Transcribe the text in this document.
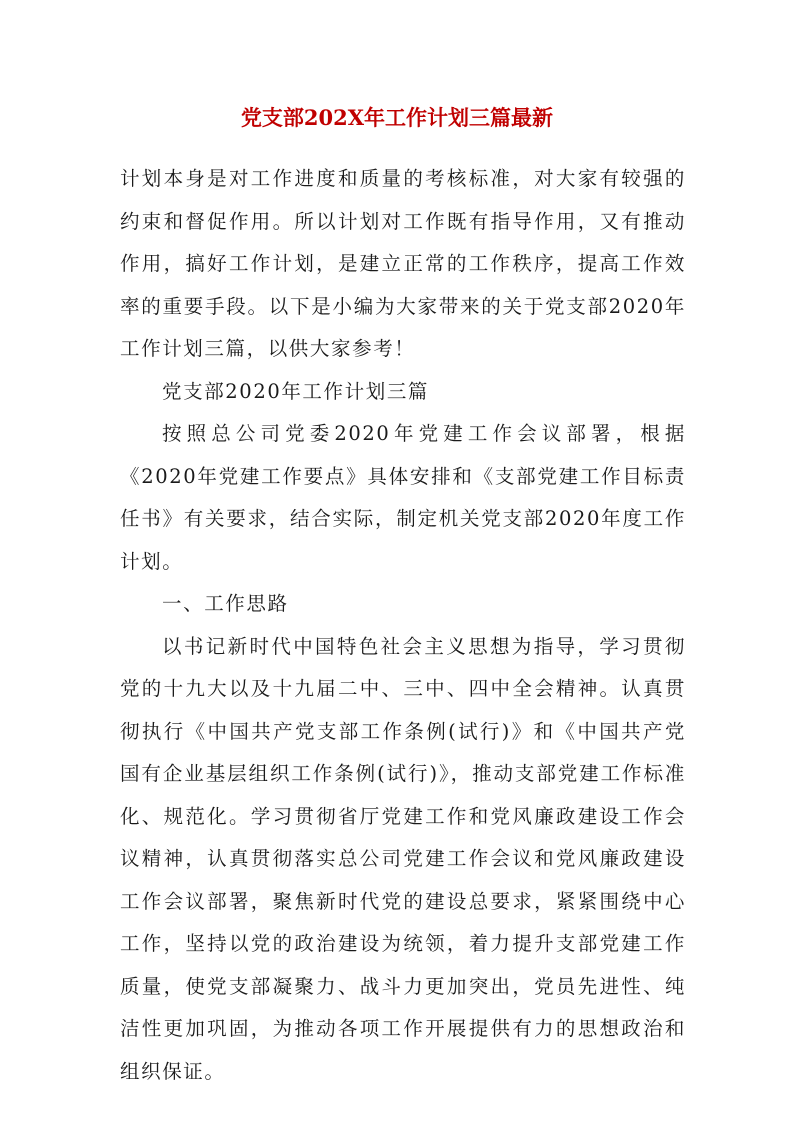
党支部202X年工作计划三篇最新

计划本身是对工作进度和质量的考核标准，对大家有较强的约束和督促作用。所以计划对工作既有指导作用，又有推动作用，搞好工作计划，是建立正常的工作秩序，提高工作效率的重要手段。以下是小编为大家带来的关于党支部2020年工作计划三篇，以供大家参考！

党支部2020年工作计划三篇

按照总公司党委2020年党建工作会议部署，根据《2020年党建工作要点》具体安排和《支部党建工作目标责任书》有关要求，结合实际，制定机关党支部2020年度工作计划。

一、工作思路

以书记新时代中国特色社会主义思想为指导，学习贯彻党的十九大以及十九届二中、三中、四中全会精神。认真贯彻执行《中国共产党支部工作条例(试行)》和《中国共产党国有企业基层组织工作条例(试行)》，推动支部党建工作标准化、规范化。学习贯彻省厅党建工作和党风廉政建设工作会议精神，认真贯彻落实总公司党建工作会议和党风廉政建设工作会议部署，聚焦新时代党的建设总要求，紧紧围绕中心工作，坚持以党的政治建设为统领，着力提升支部党建工作质量，使党支部凝聚力、战斗力更加突出，党员先进性、纯洁性更加巩固，为推动各项工作开展提供有力的思想政治和组织保证。
